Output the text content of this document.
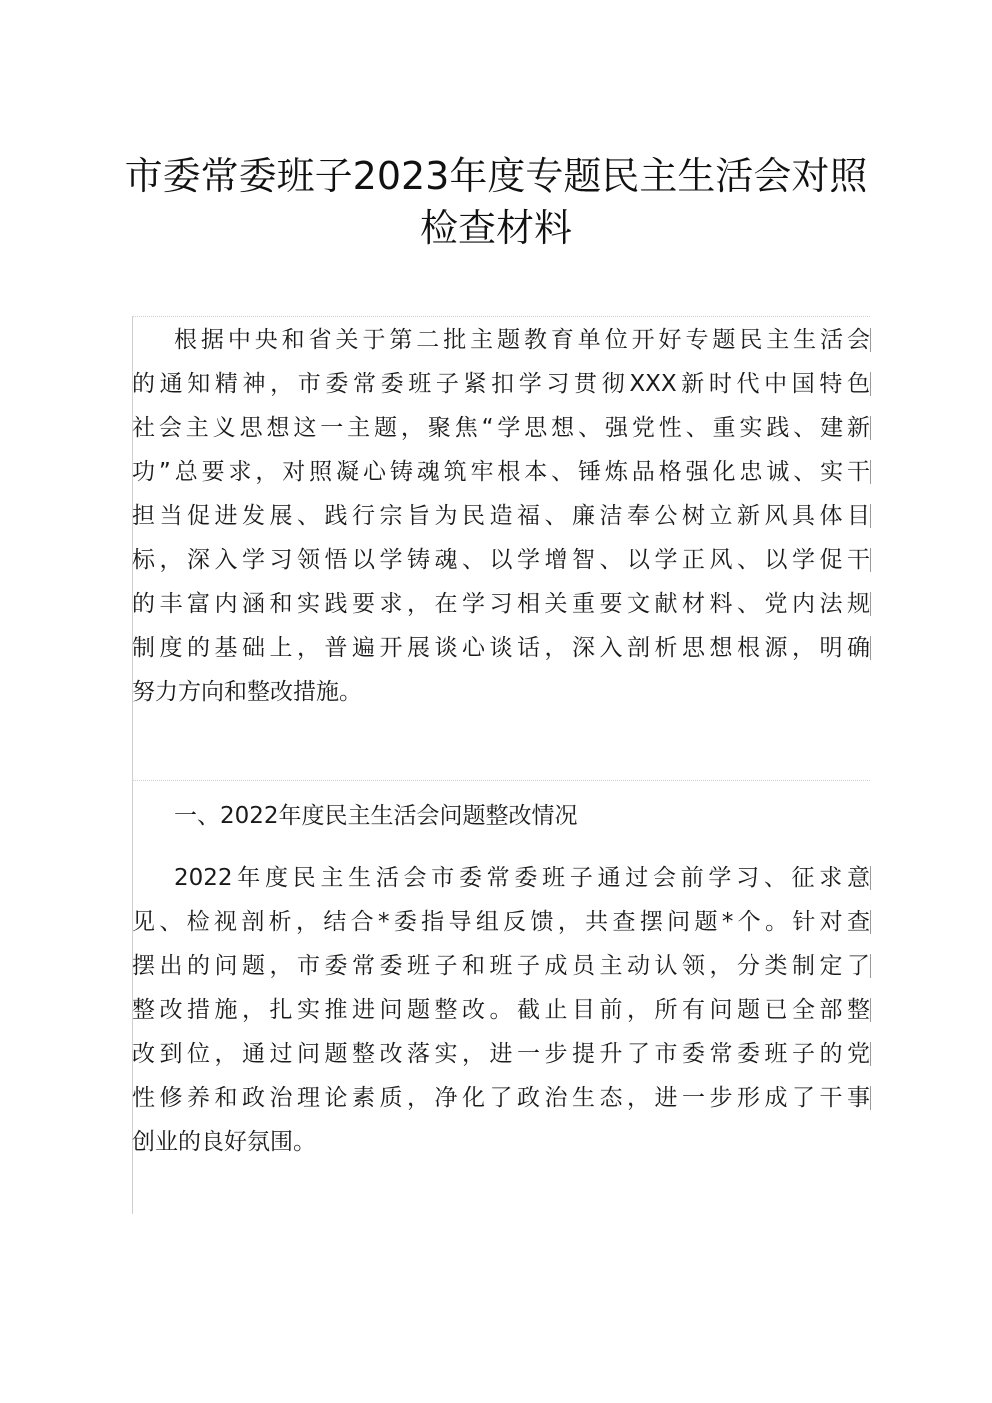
市委常委班子2023年度专题民主生活会对照
检查材料
根据中央和省关于第二批主题教育单位开好专题民主生活会
的通知精神，市委常委班子紧扣学习贯彻XXX新时代中国特色
社会主义思想这一主题，聚焦“学思想、强党性、重实践、建新
功”总要求，对照凝心铸魂筑牢根本、锤炼品格强化忠诚、实干
担当促进发展、践行宗旨为民造福、廉洁奉公树立新风具体目
标，深入学习领悟以学铸魂、以学增智、以学正风、以学促干
的丰富内涵和实践要求，在学习相关重要文献材料、党内法规
制度的基础上，普遍开展谈心谈话，深入剖析思想根源，明确
努力方向和整改措施。
一、2022年度民主生活会问题整改情况
2022年度民主生活会市委常委班子通过会前学习、征求意
见、检视剖析，结合*委指导组反馈，共查摆问题*个。针对查
摆出的问题，市委常委班子和班子成员主动认领，分类制定了
整改措施，扎实推进问题整改。截止目前，所有问题已全部整
改到位，通过问题整改落实，进一步提升了市委常委班子的党
性修养和政治理论素质，净化了政治生态，进一步形成了干事
创业的良好氛围。
